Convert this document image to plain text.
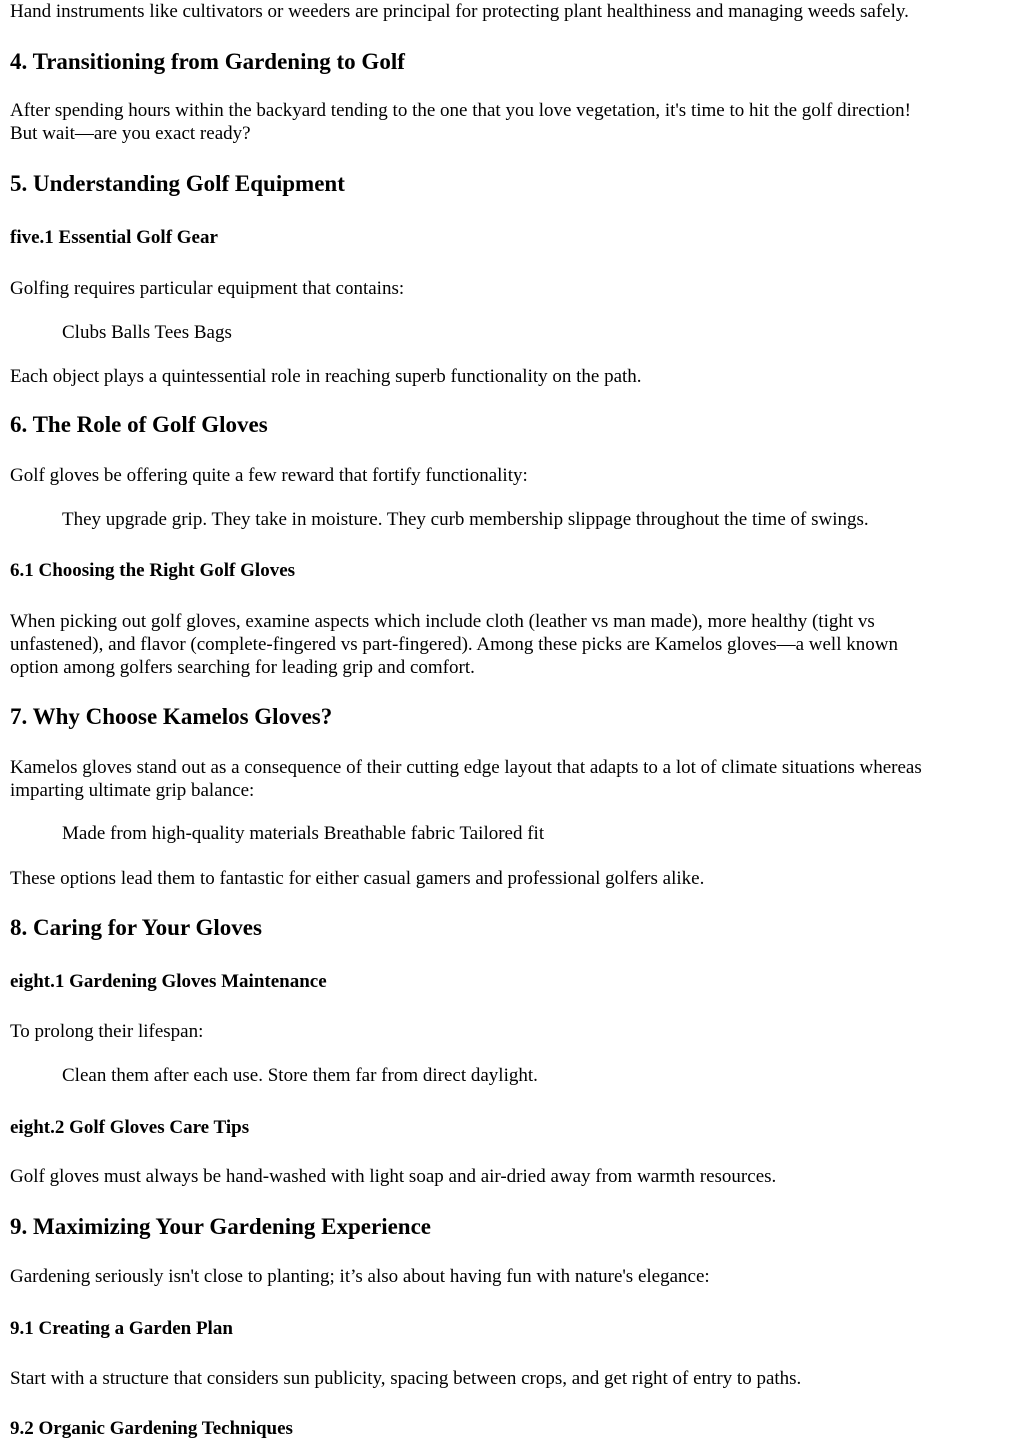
Hand instruments like cultivators or weeders are principal for protecting plant healthiness and managing weeds safely.

4. Transitioning from Gardening to Golf

After spending hours within the backyard tending to the one that you love vegetation, it's time to hit the golf direction!

But wait—are you exact ready?

5. Understanding Golf Equipment
five.1 Essential Golf Gear

Golfing requires particular equipment that contains:

Clubs Balls Tees Bags

Each object plays a quintessential role in reaching superb functionality on the path.

6. The Role of Golf Gloves

Golf gloves be offering quite a few reward that fortify functionality:

They upgrade grip. They take in moisture. They curb membership slippage throughout the time of swings.

6.1 Choosing the Right Golf Gloves

When picking out golf gloves, examine aspects which include cloth (leather vs man made), more healthy (tight vs

unfastened), and flavor (complete-fingered vs part-fingered). Among these picks are Kamelos gloves—a well known

option among golfers searching for leading grip and comfort.

7. Why Choose Kamelos Gloves?

Kamelos gloves stand out as a consequence of their cutting edge layout that adapts to a lot of climate situations whereas

imparting ultimate grip balance:

Made from high-quality materials Breathable fabric Tailored fit

These options lead them to fantastic for either casual gamers and professional golfers alike.

8. Caring for Your Gloves
eight.1 Gardening Gloves Maintenance

To prolong their lifespan:

Clean them after each use. Store them far from direct daylight.

eight.2 Golf Gloves Care Tips

Golf gloves must always be hand-washed with light soap and air-dried away from warmth resources.

9. Maximizing Your Gardening Experience

Gardening seriously isn't close to planting; it’s also about having fun with nature's elegance:

9.1 Creating a Garden Plan

Start with a structure that considers sun publicity, spacing between crops, and get right of entry to paths.

9.2 Organic Gardening Techniques
